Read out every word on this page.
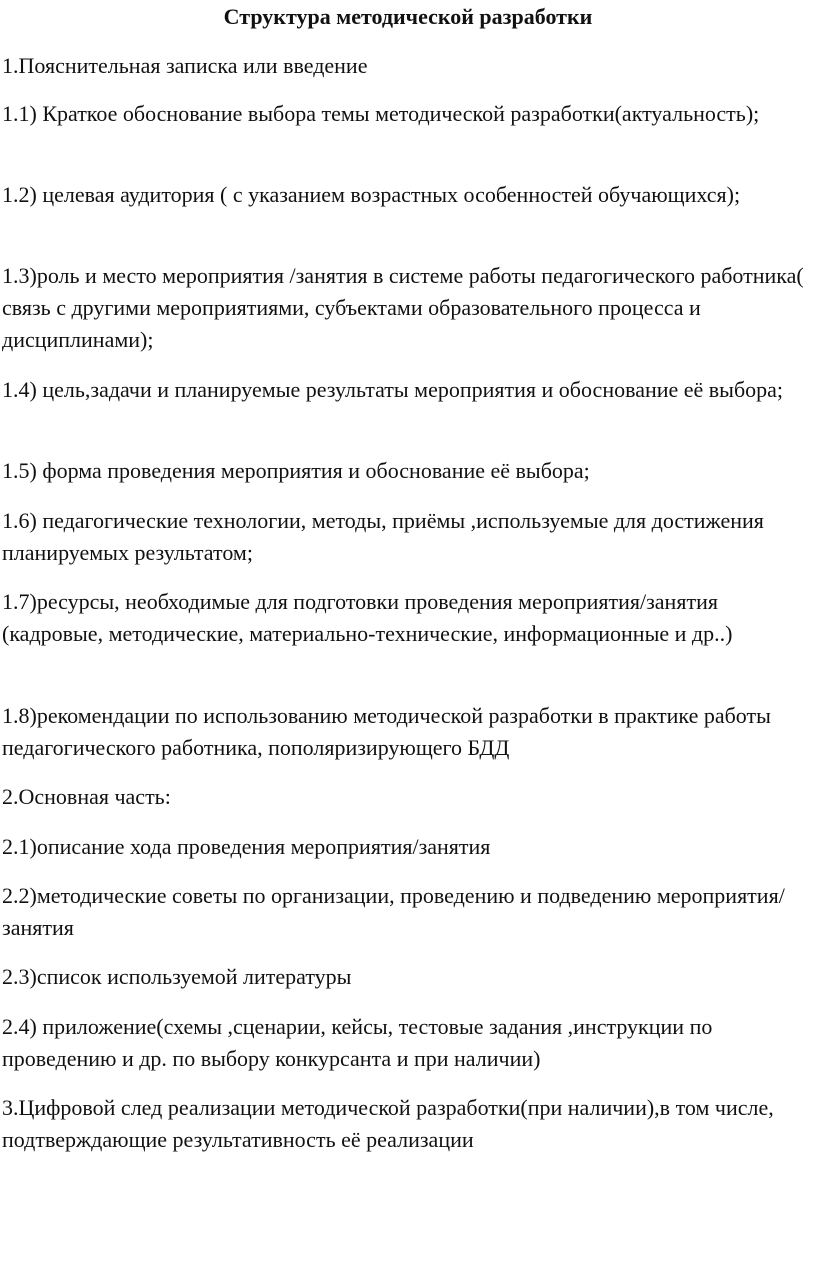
Структура методической разработки

1.Пояснительная записка или введение

1.1) Краткое обоснование выбора темы методической разработки(актуальность);

1.2) целевая аудитория ( с указанием возрастных особенностей обучающихся);

1.3)роль и место мероприятия /занятия в системе работы педагогического работника( связь с другими мероприятиями, субъектами образовательного процесса и дисциплинами);

1.4) цель,задачи и планируемые результаты мероприятия и обоснование её выбора;

1.5) форма проведения мероприятия и обоснование её выбора;

1.6) педагогические технологии, методы, приёмы ,используемые для достижения планируемых результатом;

1.7)ресурсы, необходимые для подготовки проведения мероприятия/занятия (кадровые, методические, материально-технические, информационные и др..)

1.8)рекомендации по использованию методической разработки в практике работы педагогического работника, пополяризирующего БДД

2.Основная часть:

2.1)описание хода проведения мероприятия/занятия

2.2)методические советы по организации, проведению и подведению мероприятия/занятия

2.3)список используемой литературы

2.4) приложение(схемы ,сценарии, кейсы, тестовые задания ,инструкции по проведению и др. по выбору конкурсанта и при наличии)

3.Цифровой след реализации методической разработки(при наличии),в том числе, подтверждающие результативность её реализации
